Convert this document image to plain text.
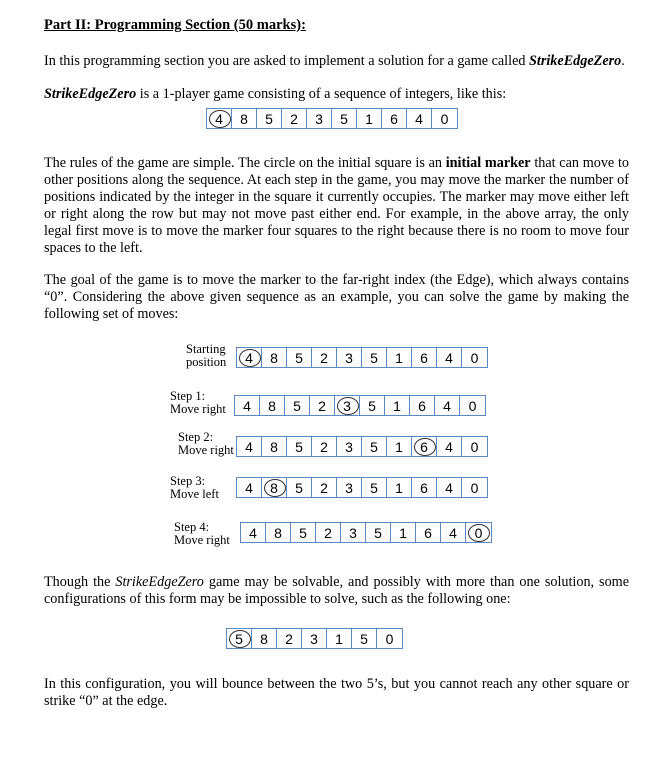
Part II: Programming Section (50 marks):

In this programming section you are asked to implement a solution for a game called StrikeEdgeZero.

StrikeEdgeZero is a 1-player game consisting of a sequence of integers, like this:

4 8 5 2 3 5 1 6 4 0

The rules of the game are simple. The circle on the initial square is an initial marker that can move to other positions along the sequence. At each step in the game, you may move the marker the number of positions indicated by the integer in the square it currently occupies. The marker may move either left or right along the row but may not move past either end. For example, in the above array, the only legal first move is to move the marker four squares to the right because there is no room to move four spaces to the left.

The goal of the game is to move the marker to the far-right index (the Edge), which always contains “0”. Considering the above given sequence as an example, you can solve the game by making the following set of moves:

Starting
position 4 8 5 2 3 5 1 6 4 0
Step 1:
Move right 4 8 5 2 3 5 1 6 4 0
Step 2:
Move right 4 8 5 2 3 5 1 6 4 0
Step 3:
Move left 4 8 5 2 3 5 1 6 4 0
Step 4:
Move right 4 8 5 2 3 5 1 6 4 0

Though the StrikeEdgeZero game may be solvable, and possibly with more than one solution, some configurations of this form may be impossible to solve, such as the following one:

5 8 2 3 1 5 0

In this configuration, you will bounce between the two 5’s, but you cannot reach any other square or strike “0” at the edge.
